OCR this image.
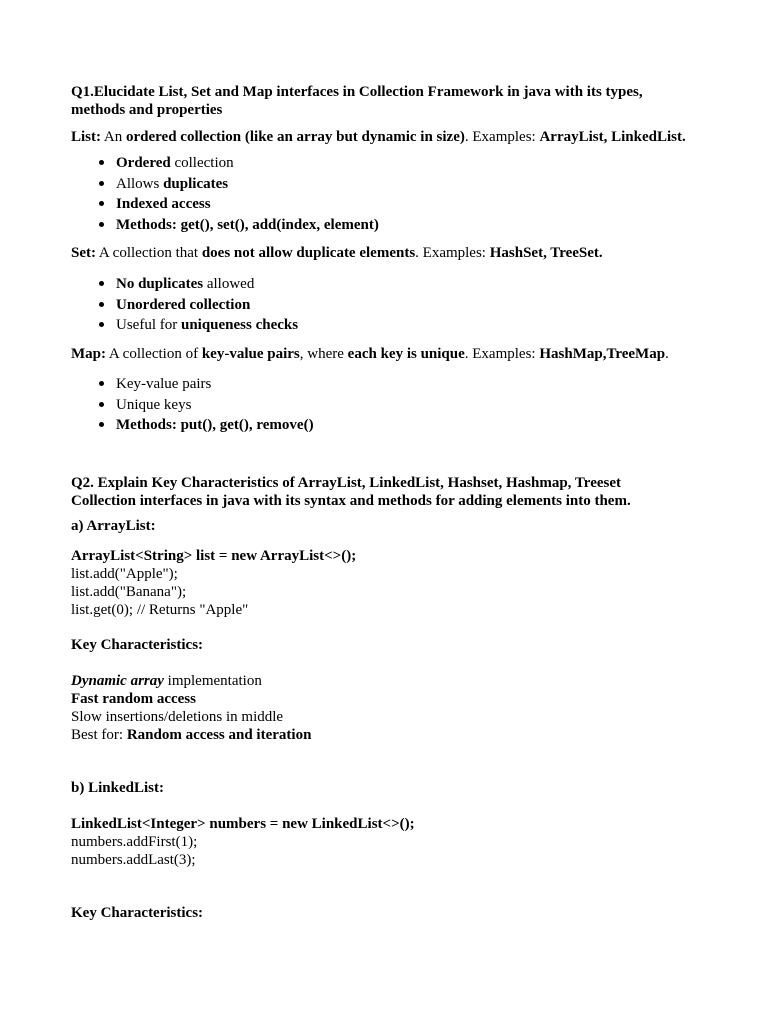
Q1.Elucidate List, Set and Map interfaces in Collection Framework in java with its types,

methods and properties

List: An ordered collection (like an array but dynamic in size). Examples: ArrayList, LinkedList.

Ordered collection
Allows duplicates
Indexed access
Methods: get(), set(), add(index, element)

Set: A collection that does not allow duplicate elements. Examples: HashSet, TreeSet.

No duplicates allowed
Unordered collection
Useful for uniqueness checks

Map: A collection of key-value pairs, where each key is unique. Examples: HashMap,TreeMap.

Key-value pairs
Unique keys
Methods: put(), get(), remove()

Q2. Explain Key Characteristics of ArrayList, LinkedList, Hashset, Hashmap, Treeset

Collection interfaces in java with its syntax and methods for adding elements into them.

a) ArrayList:

ArrayList<String> list = new ArrayList<>();

list.add("Apple");

list.add("Banana");

list.get(0); // Returns "Apple"

Key Characteristics:

Dynamic array implementation

Fast random access

Slow insertions/deletions in middle

Best for: Random access and iteration

b) LinkedList:

LinkedList<Integer> numbers = new LinkedList<>();

numbers.addFirst(1);

numbers.addLast(3);

Key Characteristics:
